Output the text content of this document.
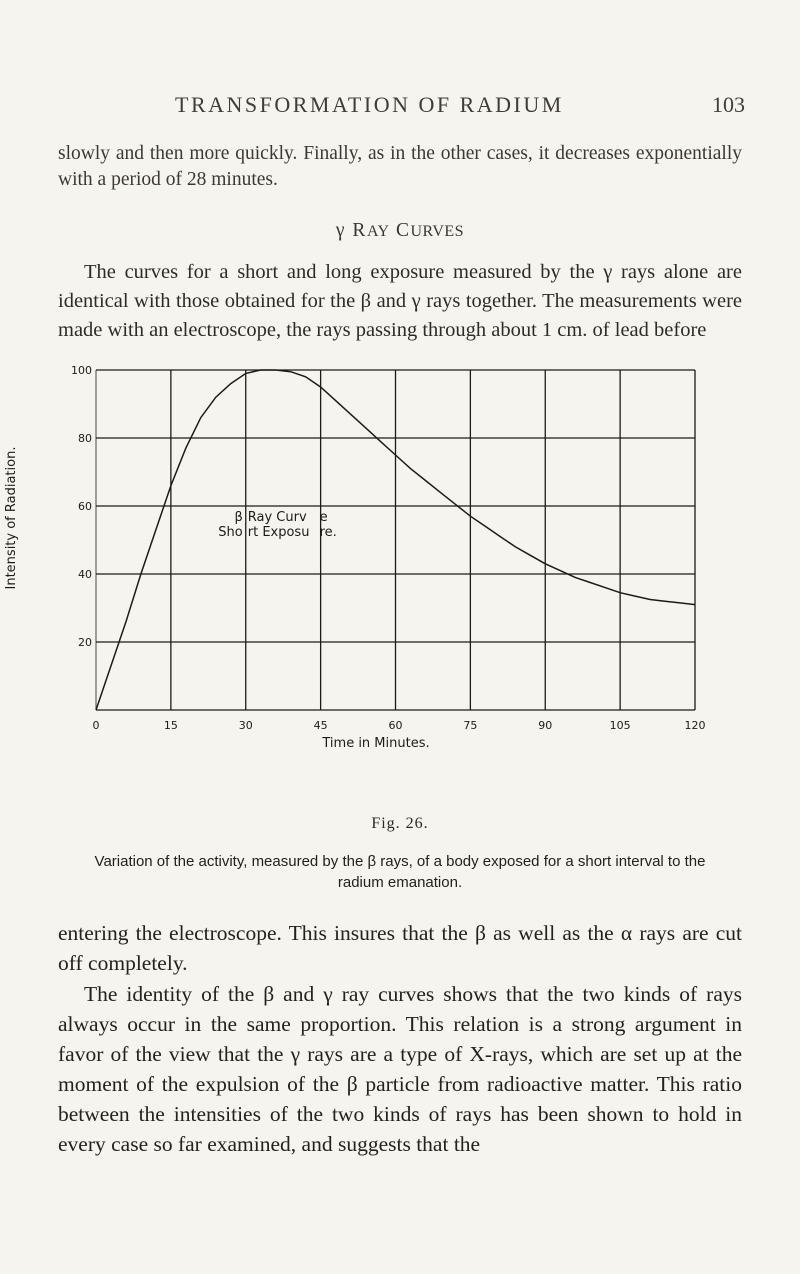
TRANSFORMATION OF RADIUM	103
slowly and then more quickly. Finally, as in the other cases, it decreases exponentially with a period of 28 minutes.
γ RAY CURVES
The curves for a short and long exposure measured by the γ rays alone are identical with those obtained for the β and γ rays together. The measurements were made with an electroscope, the rays passing through about 1 cm. of lead before
0	15	30	45	60	75	90	105	120
20
40
60
80
100
β Ray Curv e
Sho rt Exposu re.
Time in Minutes.
Intensity of Radiation.
Fig. 26.
Variation of the activity, measured by the β rays, of a body exposed for a short interval to the radium emanation.
entering the electroscope. This insures that the β as well as the α rays are cut off completely.
The identity of the β and γ ray curves shows that the two kinds of rays always occur in the same proportion. This relation is a strong argument in favor of the view that the γ rays are a type of X-rays, which are set up at the moment of the expulsion of the β particle from radioactive matter. This ratio between the intensities of the two kinds of rays has been shown to hold in every case so far examined, and suggests that the
